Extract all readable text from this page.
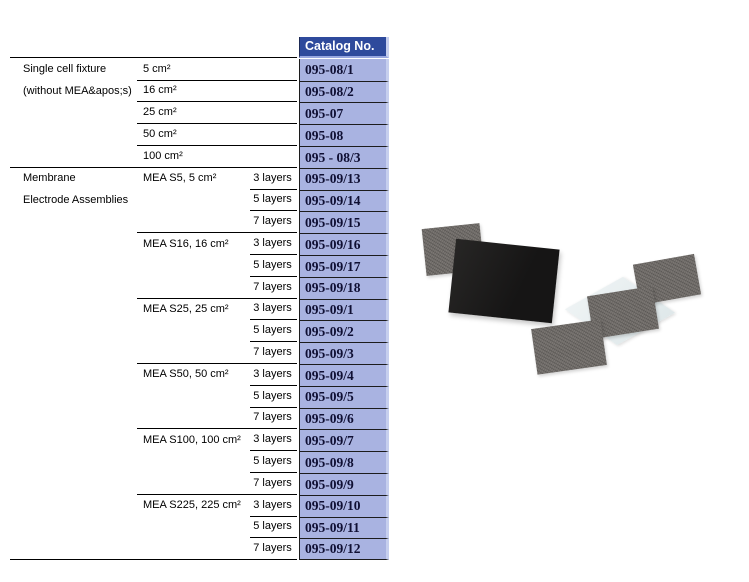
Catalog No.
Single cell fixture	5 cm²	095-08/1
(without MEA&apos;s)	16 cm²	095-08/2
25 cm²	095-07
50 cm²	095-08
100 cm²	095 - 08/3
Membrane	MEA S5, 5 cm²	3 layers 095-09/13
Electrode Assemblies	5 layers 095-09/14
7 layers 095-09/15
MEA S16, 16 cm²	3 layers 095-09/16
5 layers 095-09/17
7 layers 095-09/18
MEA S25, 25 cm²	3 layers 095-09/1
5 layers 095-09/2
7 layers 095-09/3
MEA S50, 50 cm²	3 layers 095-09/4
5 layers 095-09/5
7 layers 095-09/6
MEA S100, 100 cm²	3 layers 095-09/7
5 layers 095-09/8
7 layers 095-09/9
MEA S225, 225 cm²	3 layers 095-09/10
5 layers 095-09/11
7 layers 095-09/12
